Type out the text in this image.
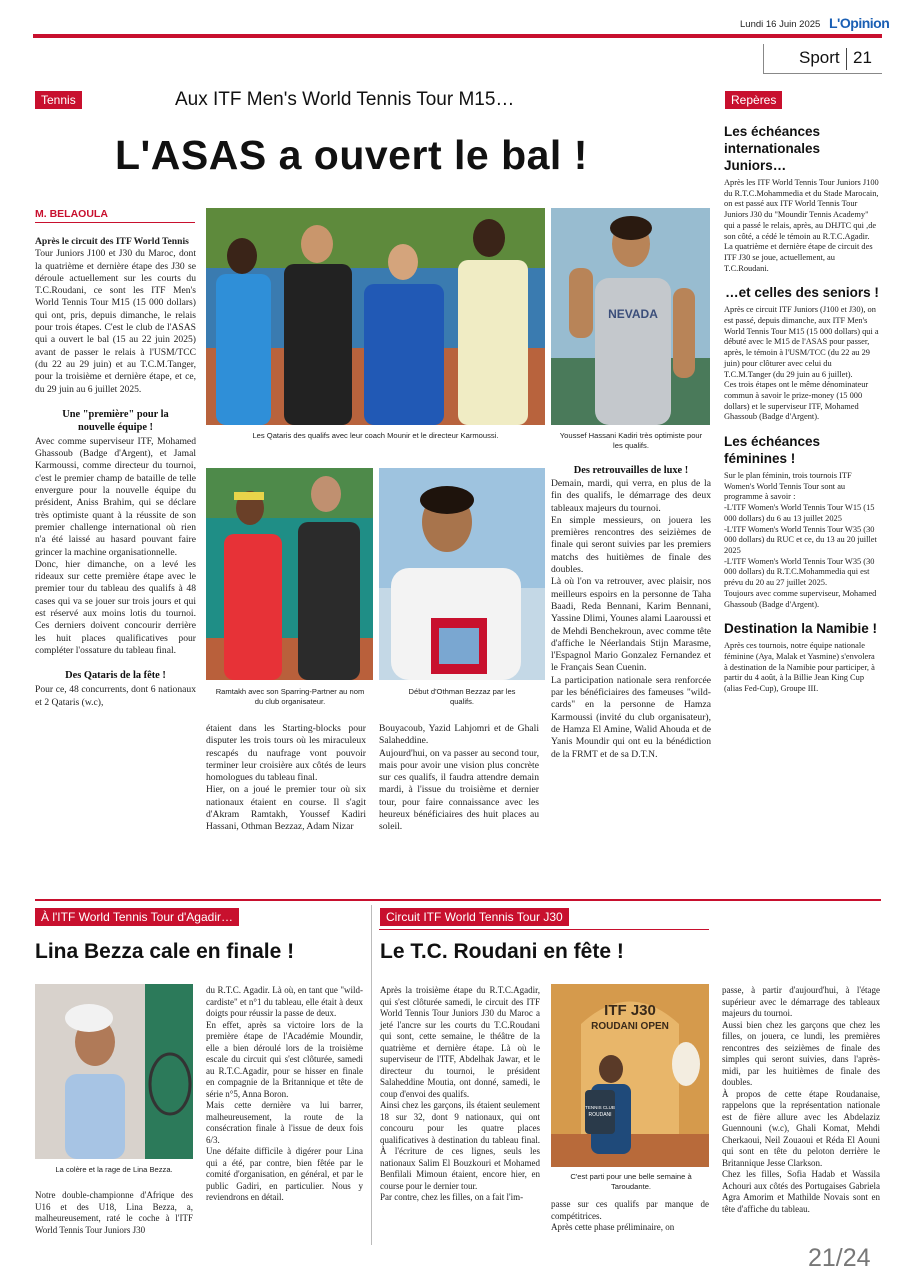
Lundi 16 Juin 2025 L'Opinion
Sport 21
Tennis	Aux ITF Men's World Tennis Tour M15…
L'ASAS a ouvert le bal !
M. BELAOULA
Après le circuit des ITF World Tennis
Tour Juniors J100 et J30 du Maroc, dont la quatrième et dernière étape des J30 se déroule actuellement sur les courts du T.C.Roudani, ce sont les ITF Men's World Tennis Tour M15 (15 000 dollars) qui ont, pris, depuis dimanche, le relais pour trois étapes. C'est le club de l'ASAS qui a ouvert le bal (15 au 22 juin 2025) avant de passer le relais à l'USM/TCC (du 22 au 29 juin) et au T.C.M.Tanger, pour la troisième et dernière étape, et ce, du 29 juin au 6 juillet 2025.
Une "première" pour la nouvelle équipe !
Avec comme superviseur ITF, Mohamed Ghassoub (Badge d'Argent), et Jamal Karmoussi, comme directeur du tournoi, c'est le premier champ de bataille de telle envergure pour la nouvelle équipe du président, Aniss Brahim, qui se déclare très optimiste quant à la réussite de son premier challenge international où rien n'a été laissé au hasard pouvant faire grincer la machine organisationnelle.
Donc, hier dimanche, on a levé les rideaux sur cette première étape avec le premier tour du tableau des qualifs à 48 cases qui va se jouer sur trois jours et qui est réservé aux moins lotis du tournoi. Ces derniers doivent concourir derrière les huit places qualificatives pour compléter l'ossature du tableau final.
Des Qataris de la fête !
Pour ce, 48 concurrents, dont 6 nationaux et 2 Qataris (w.c),
NEVADA
Les Qataris des qualifs avec leur coach Mounir et le directeur Karmoussi.	Youssef Hassani Kadiri très optimiste pour les qualifs.
Ramtakh avec son Sparring-Partner au nom du club organisateur.
Début d'Othman Bezzaz par les qualifs.
étaient dans les Starting-blocks pour disputer les trois tours où les miraculeux rescapés du naufrage vont pouvoir terminer leur croisière aux côtés de leurs homologues du tableau final.
Hier, on a joué le premier tour où six nationaux étaient en course. Il s'agit d'Akram Ramtakh, Youssef Kadiri Hassani, Othman Bezzaz, Adam Nizar
Bouyacoub, Yazid Lahjomri et de Ghali Salaheddine.
Aujourd'hui, on va passer au second tour, mais pour avoir une vision plus concrète sur ces qualifs, il faudra attendre demain mardi, à l'issue du troisième et dernier tour, pour faire connaissance avec les heureux bénéficiaires des huit places au soleil.
Des retrouvailles de luxe !
Demain, mardi, qui verra, en plus de la fin des qualifs, le démarrage des deux tableaux majeurs du tournoi.
En simple messieurs, on jouera les premières rencontres des seizièmes de finale qui seront suivies par les premiers matchs des huitièmes de finale des doubles.
Là où l'on va retrouver, avec plaisir, nos meilleurs espoirs en la personne de Taha Baadi, Reda Bennani, Karim Bennani, Yassine Dlimi, Younes alami Laaroussi et de Mehdi Benchekroun, avec comme tête d'affiche le Néerlandais Stijn Marasme, l'Espagnol Mario Gonzalez Fernandez et le Français Sean Cuenin.
La participation nationale sera renforcée par les bénéficiaires des fameuses "wild-cards" en la personne de Hamza Karmoussi (invité du club organisateur), de Hamza El Amine, Walid Ahouda et de Yanis Moundir qui ont eu la bénédiction de la FRMT et de sa D.T.N.
Repères
Les échéances internationales Juniors…
Après les ITF World Tennis Tour Juniors J100 du R.T.C.Mohammedia et du Stade Marocain, on est passé aux ITF World Tennis Tour Juniors J30 du "Moundir Tennis Academy" qui a passé le relais, après, au DHJTC qui ,de son côté, a cédé le témoin au R.T.C.Agadir. La quatrième et dernière étape de circuit des ITF J30 se joue, actuellement, au T.C.Roudani.
…et celles des seniors !
Après ce circuit ITF Juniors (J100 et J30), on est passé, depuis dimanche, aux ITF Men's World Tennis Tour M15 (15 000 dollars) qui a débuté avec le M15 de l'ASAS pour passer, après, le témoin à l'USM/TCC (du 22 au 29 juin) pour clôturer avec celui du T.C.M.Tanger (du 29 juin au 6 juillet).
Ces trois étapes ont le même dénominateur commun à savoir le prize-money (15 000 dollars) et le superviseur ITF, Mohamed Ghassoub (Badge d'Argent).
Les échéances féminines !
Sur le plan féminin, trois tournois ITF Women's World Tennis Tour sont au programme à savoir :
-L'ITF Women's World Tennis Tour W15 (15 000 dollars) du 6 au 13 juillet 2025
-L'ITF Women's World Tennis Tour W35 (30 000 dollars) du RUC et ce, du 13 au 20 juillet 2025
-L'ITF Women's World Tennis Tour W35 (30 000 dollars) du R.T.C.Mohammedia qui est prévu du 20 au 27 juillet 2025.
Toujours avec comme superviseur, Mohamed Ghassoub (Badge d'Argent).
Destination la Namibie !
Après ces tournois, notre équipe nationale féminine (Aya, Malak et Yasmine) s'envolera à destination de la Namibie pour participer, à partir du 4 août, à la Billie Jean King Cup (alias Fed-Cup), Groupe III.
À l'ITF World Tennis Tour d'Agadir…
Lina Bezza cale en finale !
La colère et la rage de Lina Bezza.
Notre double-championne d'Afrique des U16 et des U18, Lina Bezza, a, malheureusement, raté le coche à l'ITF World Tennis Tour Juniors J30
du R.T.C. Agadir. Là où, en tant que "wild-cardiste" et n°1 du tableau, elle était à deux doigts pour réussir la passe de deux.
En effet, après sa victoire lors de la première étape de l'Académie Moundir, elle a bien déroulé lors de la troisième escale du circuit qui s'est clôturée, samedi au R.T.C.Agadir, pour se hisser en finale en compagnie de la Britannique et tête de série n°5, Anna Boron.
Mais cette dernière va lui barrer, malheureusement, la route de la consécration finale à l'issue de deux fois 6/3.
Une défaite difficile à digérer pour Lina qui a été, par contre, bien fêtée par le comité d'organisation, en général, et par le public Gadiri, en particulier. Nous y reviendrons en détail.
Circuit ITF World Tennis Tour J30
Le T.C. Roudani en fête !
Après la troisième étape du R.T.C.Agadir, qui s'est clôturée samedi, le circuit des ITF World Tennis Tour Juniors J30 du Maroc a jeté l'ancre sur les courts du T.C.Roudani qui sont, cette semaine, le théâtre de la quatrième et dernière étape. Là où le superviseur de l'ITF, Abdelhak Jawar, et le directeur du tournoi, le président Salaheddine Moutia, ont donné, samedi, le coup d'envoi des qualifs.
Ainsi chez les garçons, ils étaient seulement 18 sur 32, dont 9 nationaux, qui ont concouru pour les quatre places qualificatives à destination du tableau final. À l'écriture de ces lignes, seuls les nationaux Salim El Bouzkouri et Mohamed Benfilali Mimoun étaient, encore hier, en course pour le dernier tour.
Par contre, chez les filles, on a fait l'im-
TENNIS CLUB
ROUDANI
ITF J30
ROUDANI OPEN
C'est parti pour une belle semaine à Taroudante.
passe sur ces qualifs par manque de compétitrices.
Après cette phase préliminaire, on
passe, à partir d'aujourd'hui, à l'étage supérieur avec le démarrage des tableaux majeurs du tournoi.
Aussi bien chez les garçons que chez les filles, on jouera, ce lundi, les premières rencontres des seizièmes de finale des simples qui seront suivies, dans l'après-midi, par les huitièmes de finale des doubles.
À propos de cette étape Roudanaise, rappelons que la représentation nationale est de fière allure avec les Abdelaziz Guennouni (w.c), Ghali Komat, Mehdi Cherkaoui, Neil Zouaoui et Réda El Aouni qui sont en tête du peloton derrière le Britannique Jesse Clarkson.
Chez les filles, Sofia Hadab et Wassila Achouri aux côtés des Portugaises Gabriela Agra Amorim et Mathilde Novais sont en tête d'affiche du tableau.
21/24
